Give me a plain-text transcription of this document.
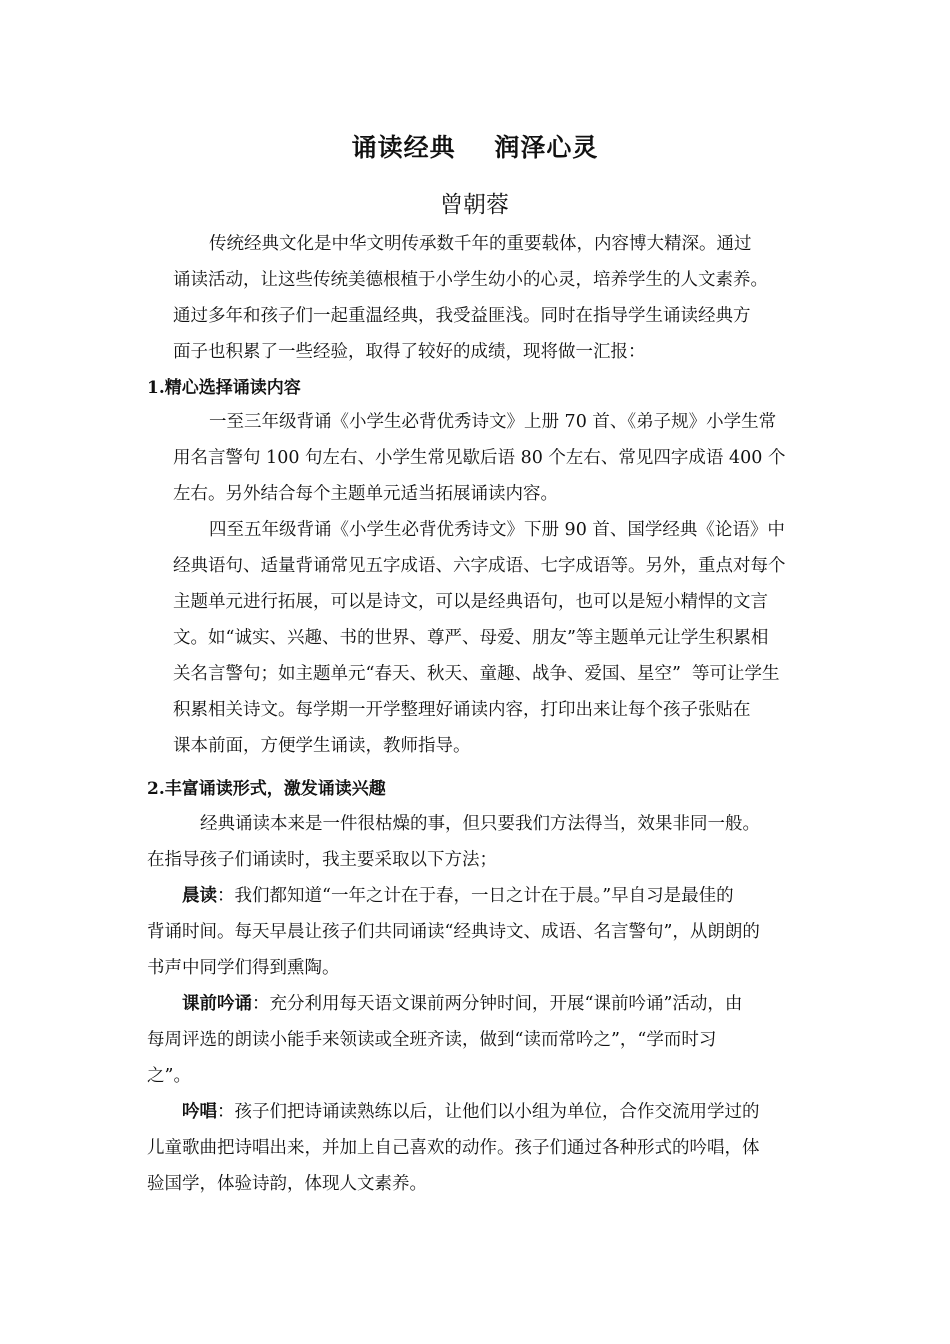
诵读经典    润泽心灵
曾朝蓉
传统经典文化是中华文明传承数千年的重要载体，内容博大精深。通过
诵读活动，让这些传统美德根植于小学生幼小的心灵，培养学生的人文素养。
通过多年和孩子们一起重温经典，我受益匪浅。同时在指导学生诵读经典方
面子也积累了一些经验，取得了较好的成绩，现将做一汇报：
1.精心选择诵读内容
一至三年级背诵《小学生必背优秀诗文》上册 70 首、《弟子规》小学生常
用名言警句 100 句左右、小学生常见歇后语 80 个左右、常见四字成语 400 个
左右。另外结合每个主题单元适当拓展诵读内容。
四至五年级背诵《小学生必背优秀诗文》下册 90 首、国学经典《论语》中
经典语句、适量背诵常见五字成语、六字成语、七字成语等。另外，重点对每个
主题单元进行拓展，可以是诗文，可以是经典语句，也可以是短小精悍的文言
文。如“诚实、兴趣、书的世界、尊严、母爱、朋友”等主题单元让学生积累相
关名言警句；如主题单元“春天、秋天、童趣、战争、爱国、星空”  等可让学生
积累相关诗文。每学期一开学整理好诵读内容，打印出来让每个孩子张贴在
课本前面，方便学生诵读，教师指导。
2.丰富诵读形式，激发诵读兴趣
经典诵读本来是一件很枯燥的事，但只要我们方法得当，效果非同一般。
在指导孩子们诵读时，我主要采取以下方法；
晨读：我们都知道“一年之计在于春，一日之计在于晨。”早自习是最佳的
背诵时间。每天早晨让孩子们共同诵读“经典诗文、成语、名言警句”，从朗朗的
书声中同学们得到熏陶。
课前吟诵：充分利用每天语文课前两分钟时间，开展“课前吟诵”活动，由
每周评选的朗读小能手来领读或全班齐读，做到“读而常吟之”，“学而时习
之”。
吟唱：孩子们把诗诵读熟练以后，让他们以小组为单位，合作交流用学过的
儿童歌曲把诗唱出来，并加上自己喜欢的动作。孩子们通过各种形式的吟唱，体
验国学，体验诗韵，体现人文素养。
